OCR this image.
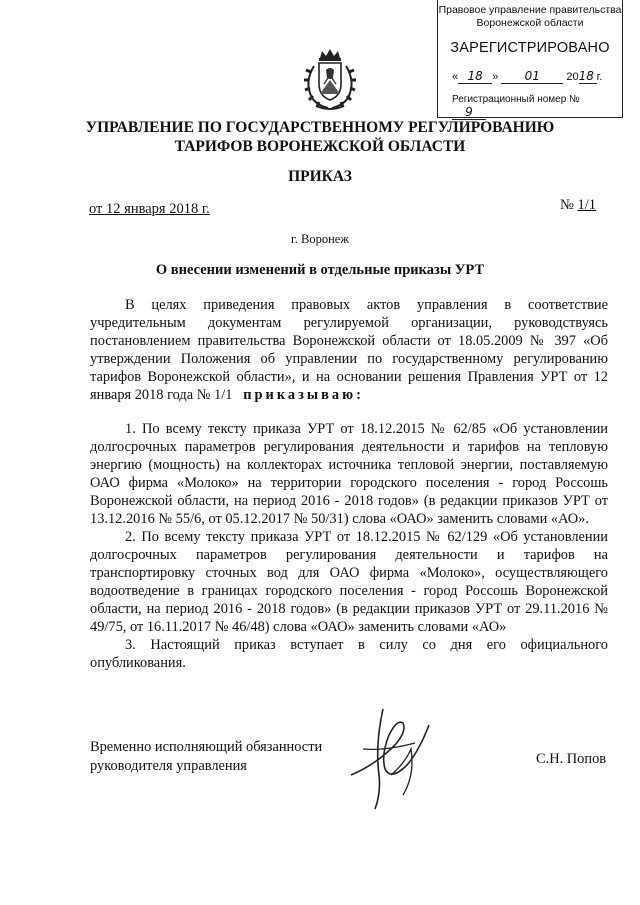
Правовое управление правительства
Воронежской области
ЗАРЕГИСТРИРОВАНО
« 18 » 01 2018 г.
Регистрационный номер № 9
УПРАВЛЕНИЕ ПО ГОСУДАРСТВЕННОМУ РЕГУЛИРОВАНИЮ
ТАРИФОВ ВОРОНЕЖСКОЙ ОБЛАСТИ
ПРИКАЗ
от 12 января 2018 г.	№ 1/1
г. Воронеж
О внесении изменений в отдельные приказы УРТ

В целях приведения правовых актов управления в соответствие учредительным документам регулируемой организации, руководствуясь постановлением правительства Воронежской области от 18.05.2009 № 397 «Об утверждении Положения об управлении по государственному регулированию тарифов Воронежской области», и на основании решения Правления УРТ от 12 января 2018 года № 1/1 приказываю:

1. По всему тексту приказа УРТ от 18.12.2015 № 62/85 «Об установлении долгосрочных параметров регулирования деятельности и тарифов на тепловую энергию (мощность) на коллекторах источника тепловой энергии, поставляемую ОАО фирма «Молоко» на территории городского поселения - город Россошь Воронежской области, на период 2016 - 2018 годов» (в редакции приказов УРТ от 13.12.2016 № 55/6, от 05.12.2017 № 50/31) слова «ОАО» заменить словами «АО».

2. По всему тексту приказа УРТ от 18.12.2015 № 62/129 «Об установлении долгосрочных параметров регулирования деятельности и тарифов на транспортировку сточных вод для ОАО фирма «Молоко», осуществляющего водоотведение в границах городского поселения - город Россошь Воронежской области, на период 2016 - 2018 годов» (в редакции приказов УРТ от 29.11.2016 № 49/75, от 16.11.2017 № 46/48) слова «ОАО» заменить словами «АО»

3. Настоящий приказ вступает в силу со дня его официального опубликования.

Временно исполняющий обязанности
руководителя управления	С.Н. Попов
